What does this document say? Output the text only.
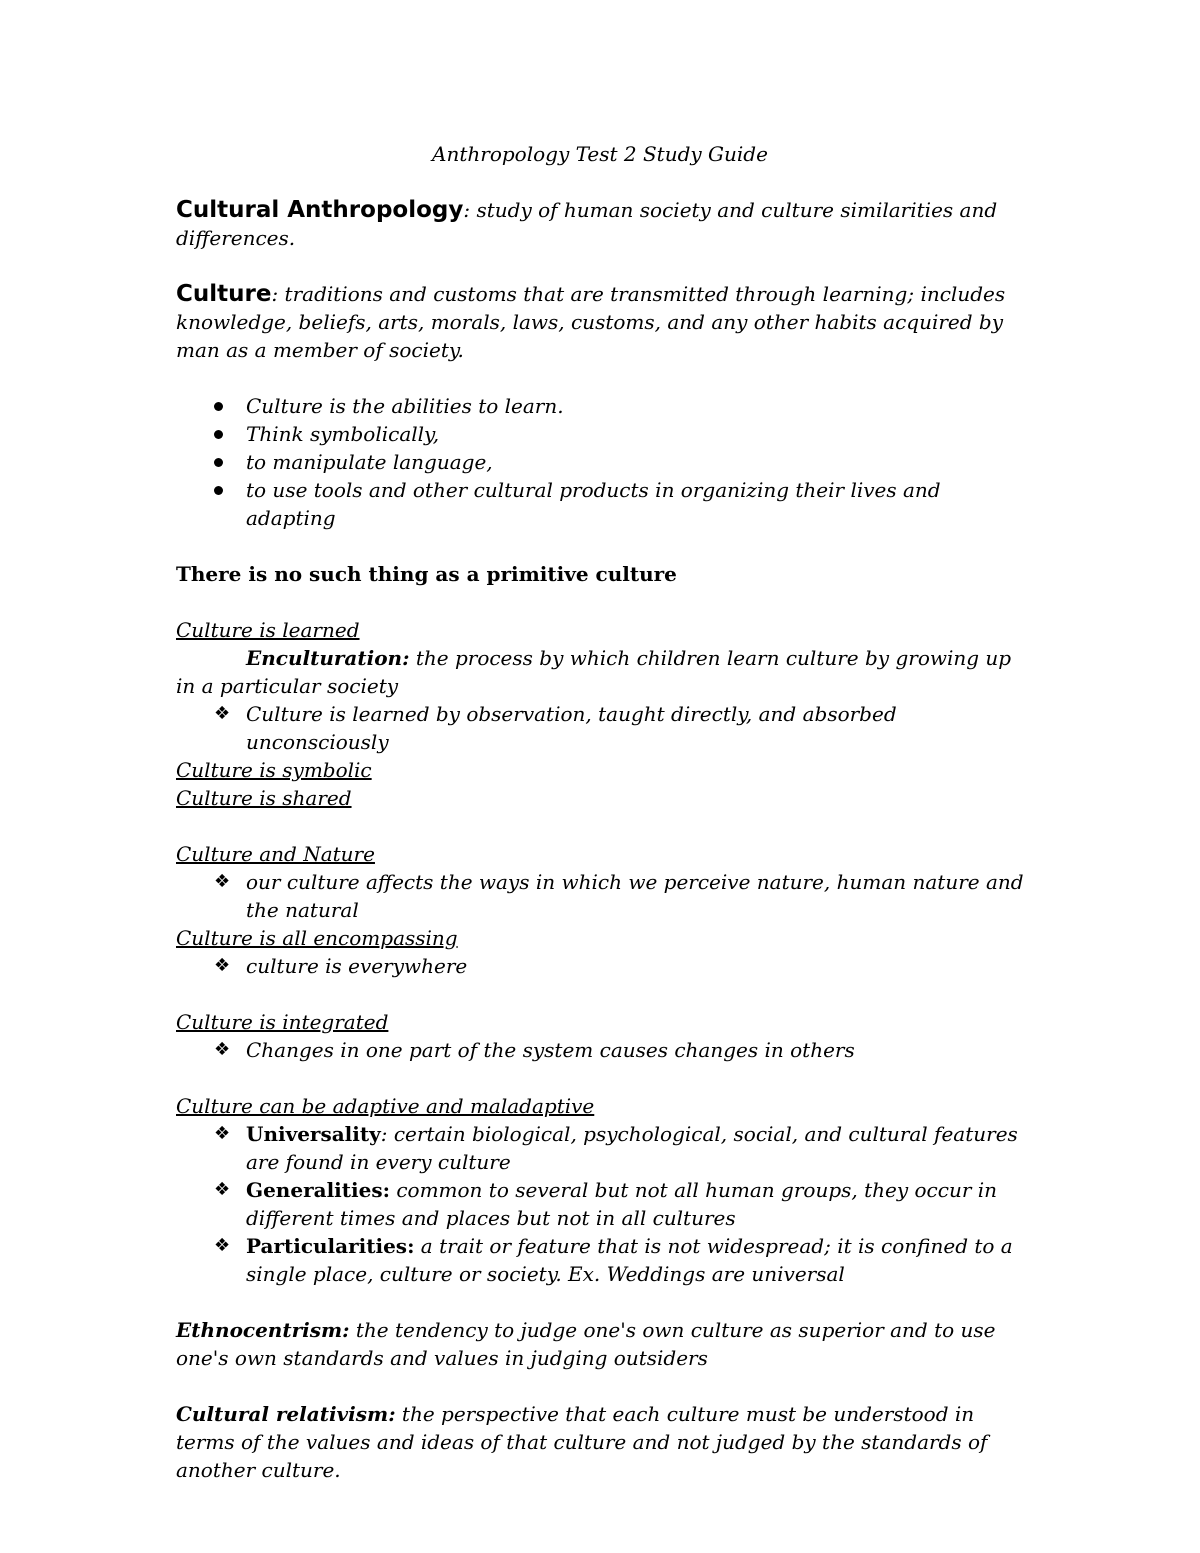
Anthropology Test 2 Study Guide
Cultural Anthropology: study of human society and culture similarities and differences.
Culture: traditions and customs that are transmitted through learning; includes knowledge, beliefs, arts, morals, laws, customs, and any other habits acquired by man as a member of society.
Culture is the abilities to learn.
Think symbolically,
to manipulate language,
to use tools and other cultural products in organizing their lives and adapting
There is no such thing as a primitive culture
Culture is learned
Enculturation: the process by which children learn culture by growing up in a particular society
❖ Culture is learned by observation, taught directly, and absorbed unconsciously
Culture is symbolic
Culture is shared
Culture and Nature
❖ our culture affects the ways in which we perceive nature, human nature and the natural
Culture is all encompassing
❖ culture is everywhere
Culture is integrated
❖ Changes in one part of the system causes changes in others
Culture can be adaptive and maladaptive
❖ Universality: certain biological, psychological, social, and cultural features are found in every culture
❖ Generalities: common to several but not all human groups, they occur in different times and places but not in all cultures
❖ Particularities: a trait or feature that is not widespread; it is confined to a single place, culture or society. Ex. Weddings are universal
Ethnocentrism: the tendency to judge one's own culture as superior and to use one's own standards and values in judging outsiders
Cultural relativism: the perspective that each culture must be understood in terms of the values and ideas of that culture and not judged by the standards of another culture.
